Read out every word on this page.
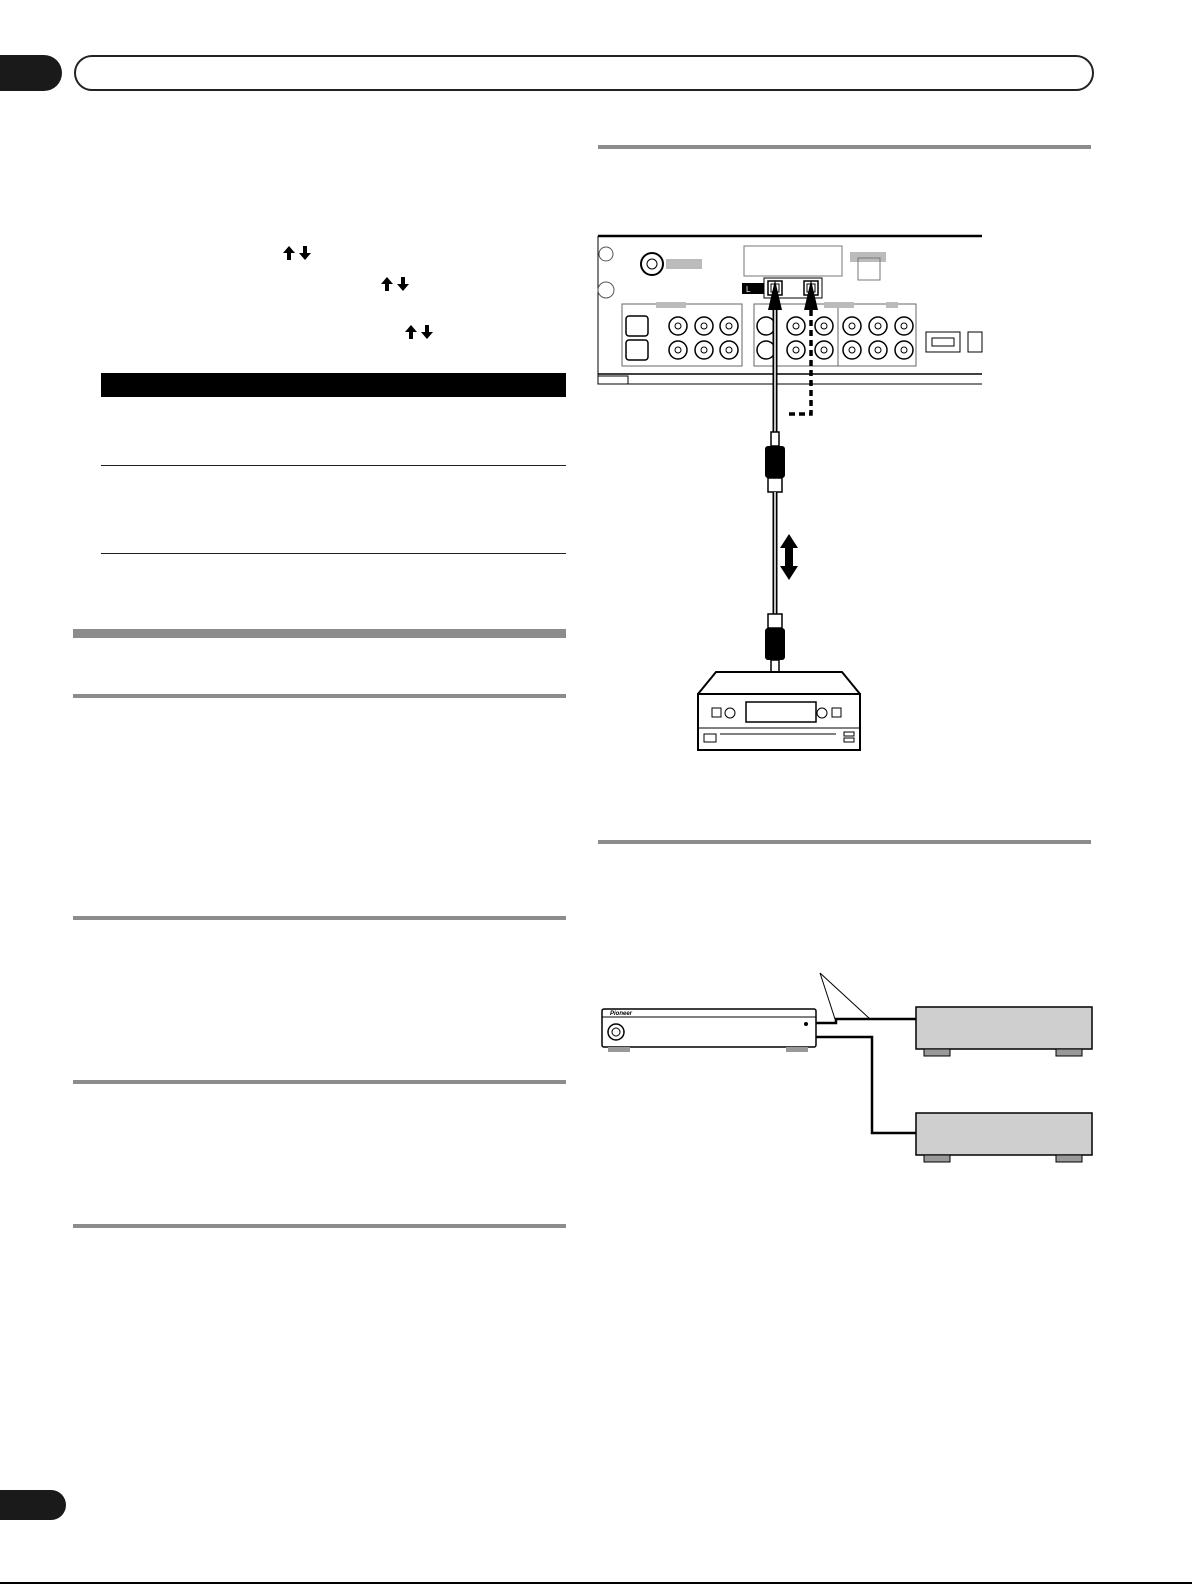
L
Pioneer
